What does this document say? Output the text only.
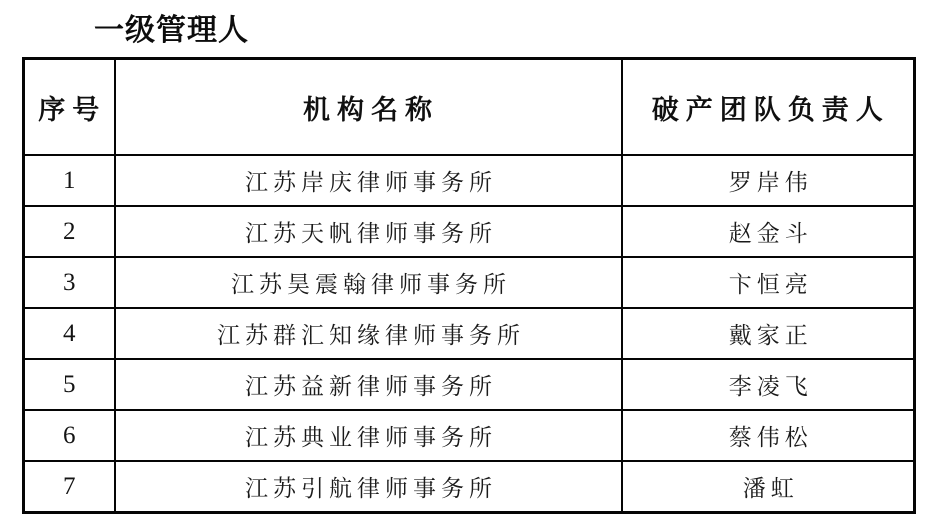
一级管理人
序号	机构名称	破产团队负责人
1	江苏岸庆律师事务所	罗岸伟
2	江苏天帆律师事务所	赵金斗
3	江苏昊震翰律师事务所	卞恒亮
4	江苏群汇知缘律师事务所	戴家正
5	江苏益新律师事务所	李凌飞
6	江苏典业律师事务所	蔡伟松
7	江苏引航律师事务所	潘虹
